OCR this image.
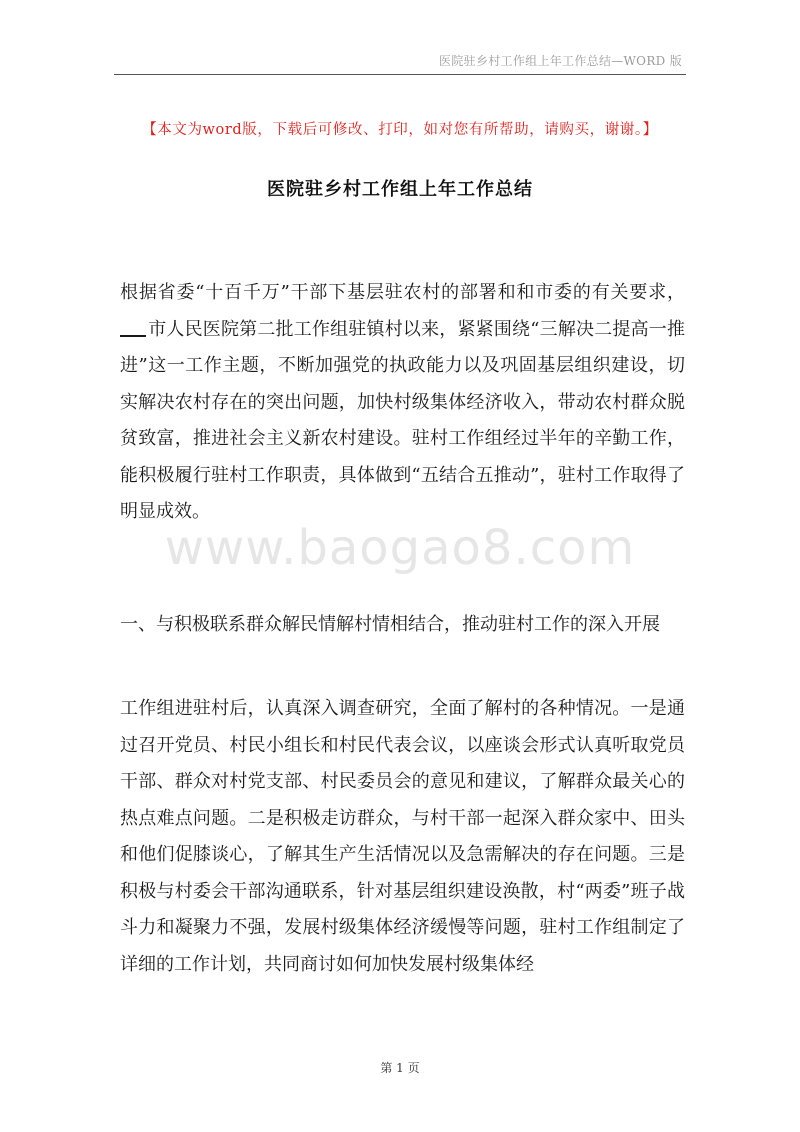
医院驻乡村工作组上年工作总结—WORD 版
【本文为word版，下载后可修改、打印，如对您有所帮助，请购买，谢谢。】
医院驻乡村工作组上年工作总结

根据省委“十百千万”干部下基层驻农村的部署和和市委的有关要求，市人民医院第二批工作组驻镇村以来，紧紧围绕“三解决二提高一推进”这一工作主题，不断加强党的执政能力以及巩固基层组织建设，切实解决农村存在的突出问题，加快村级集体经济收入，带动农村群众脱贫致富，推进社会主义新农村建设。驻村工作组经过半年的辛勤工作，能积极履行驻村工作职责，具体做到“五结合五推动”，驻村工作取得了明显成效。

一、与积极联系群众解民情解村情相结合，推动驻村工作的深入开展

工作组进驻村后，认真深入调查研究，全面了解村的各种情况。一是通过召开党员、村民小组长和村民代表会议，以座谈会形式认真听取党员干部、群众对村党支部、村民委员会的意见和建议，了解群众最关心的热点难点问题。二是积极走访群众，与村干部一起深入群众家中、田头和他们促膝谈心，了解其生产生活情况以及急需解决的存在问题。三是积极与村委会干部沟通联系，针对基层组织建设涣散，村“两委”班子战斗力和凝聚力不强，发展村级集体经济缓慢等问题，驻村工作组制定了详细的工作计划，共同商讨如何加快发展村级集体经

www.baogao8.com
第 1 页
